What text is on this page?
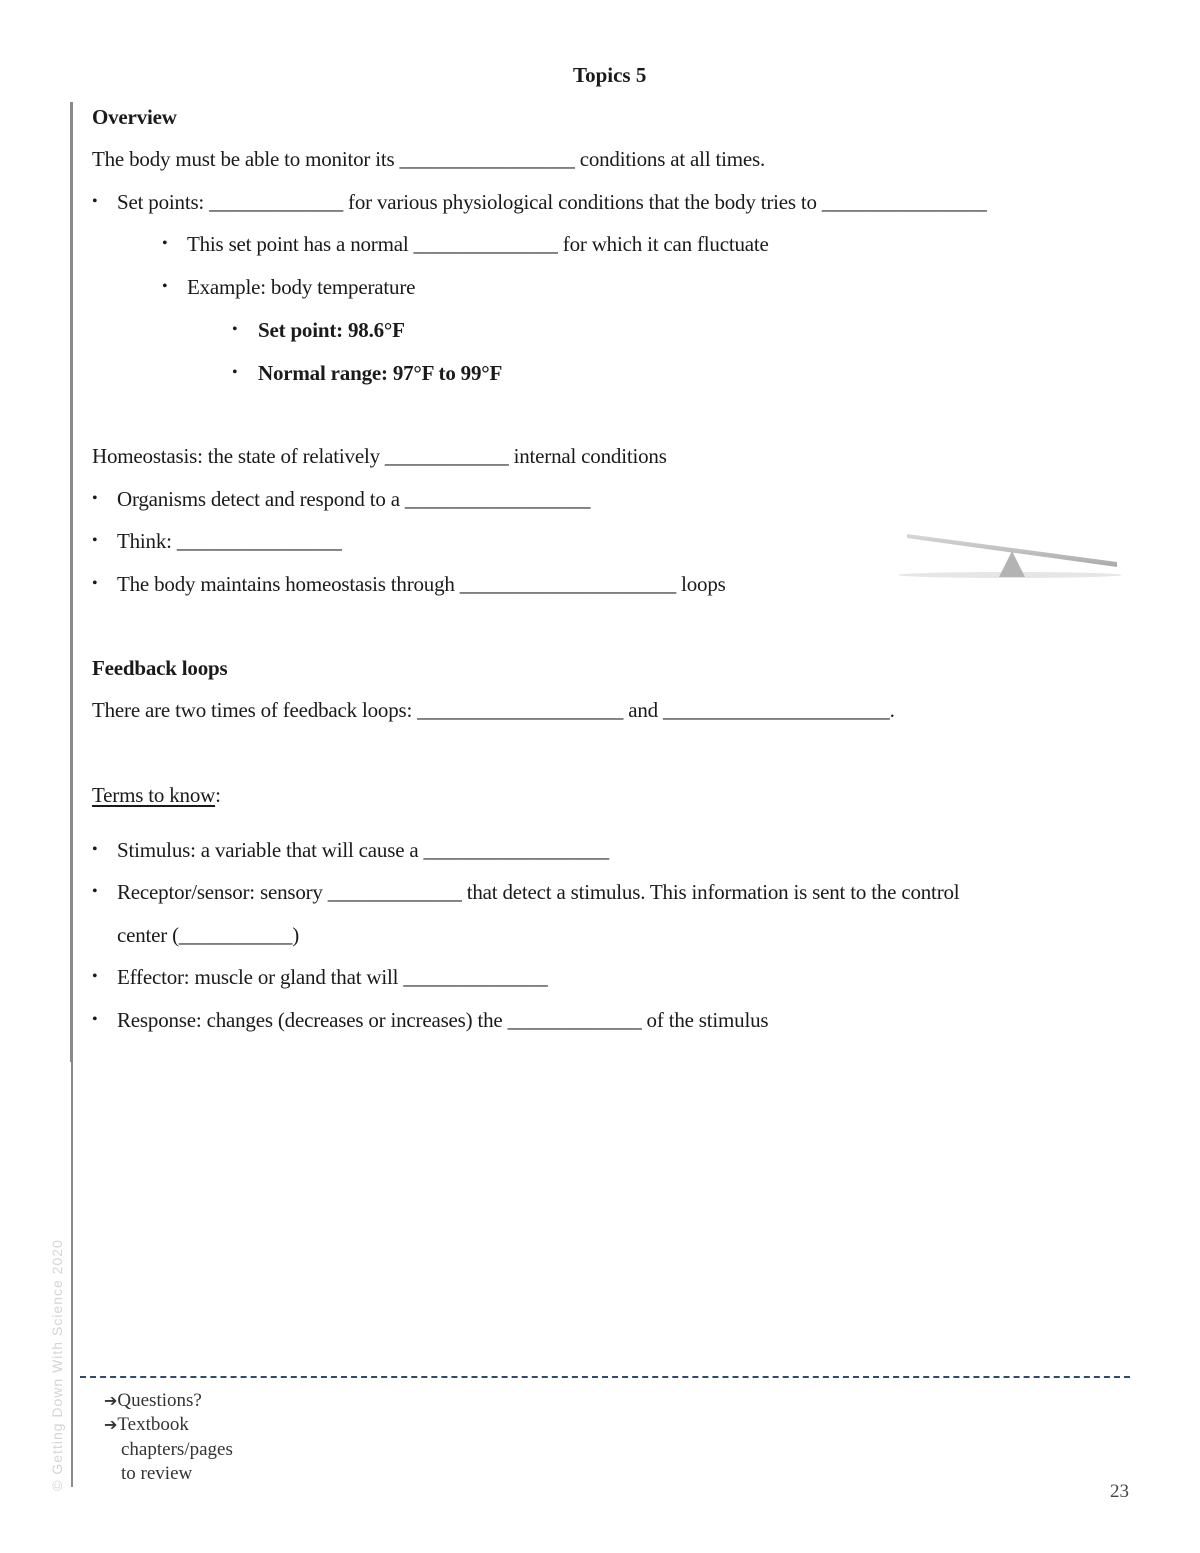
Topics 5
Overview
The body must be able to monitor its _________________ conditions at all times.
• Set points: _____________ for various physiological conditions that the body tries to ________________
• This set point has a normal ______________ for which it can fluctuate
• Example: body temperature
• Set point: 98.6°F
• Normal range: 97°F to 99°F
Homeostasis: the state of relatively ____________ internal conditions
• Organisms detect and respond to a __________________
• Think: ________________
• The body maintains homeostasis through _____________________ loops
Feedback loops
There are two times of feedback loops: ____________________ and ______________________.
Terms to know:
• Stimulus: a variable that will cause a __________________
• Receptor/sensor: sensory _____________ that detect a stimulus. This information is sent to the control
center (___________)
• Effector: muscle or gland that will ______________
• Response: changes (decreases or increases) the _____________ of the stimulus
© Getting Down With Science 2020 ➔Questions?
➔Textbook
chapters/pages
to review
23
